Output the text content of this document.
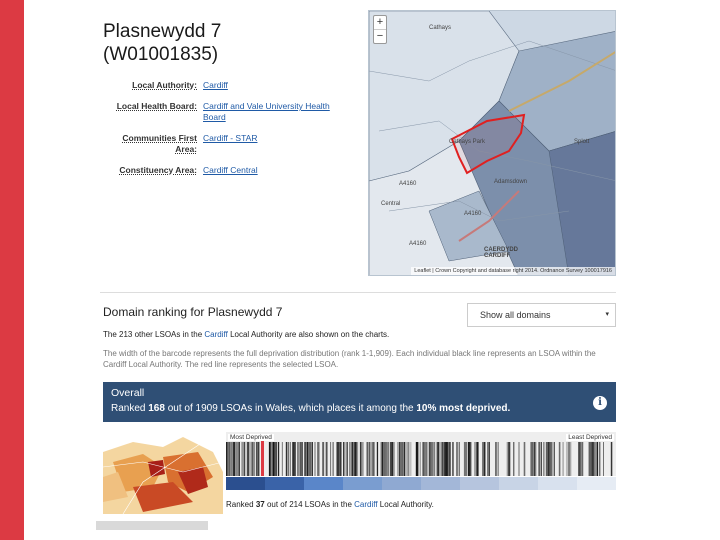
Plasnewydd 7
(W01001835)
Local Authority: Cardiff
Local Health Board: Cardiff and Vale University Health Board
Communities First Area:
Cardiff - STAR
Constituency Area: Cardiff Central
+
−
Cathays
Cathays Park
Adamsdown
Central
Splott
A4160
A4160
A4160
CAERDYDD CARDIFF
Leaflet | Crown Copyright and database right 2014. Ordnance Survey 100017916
Domain ranking for Plasnewydd 7	Show all domains	▾
The 213 other LSOAs in the Cardiff Local Authority are also shown on the charts.
The width of the barcode represents the full deprivation distribution (rank 1-1,909). Each individual black line represents an LSOA within the Cardiff Local Authority. The red line represents the selected LSOA.
Overall
Ranked 168 out of 1909 LSOAs in Wales, which places it among the 10% most deprived.
i
Most Deprived	Least Deprived
Ranked 37 out of 214 LSOAs in the Cardiff Local Authority.
